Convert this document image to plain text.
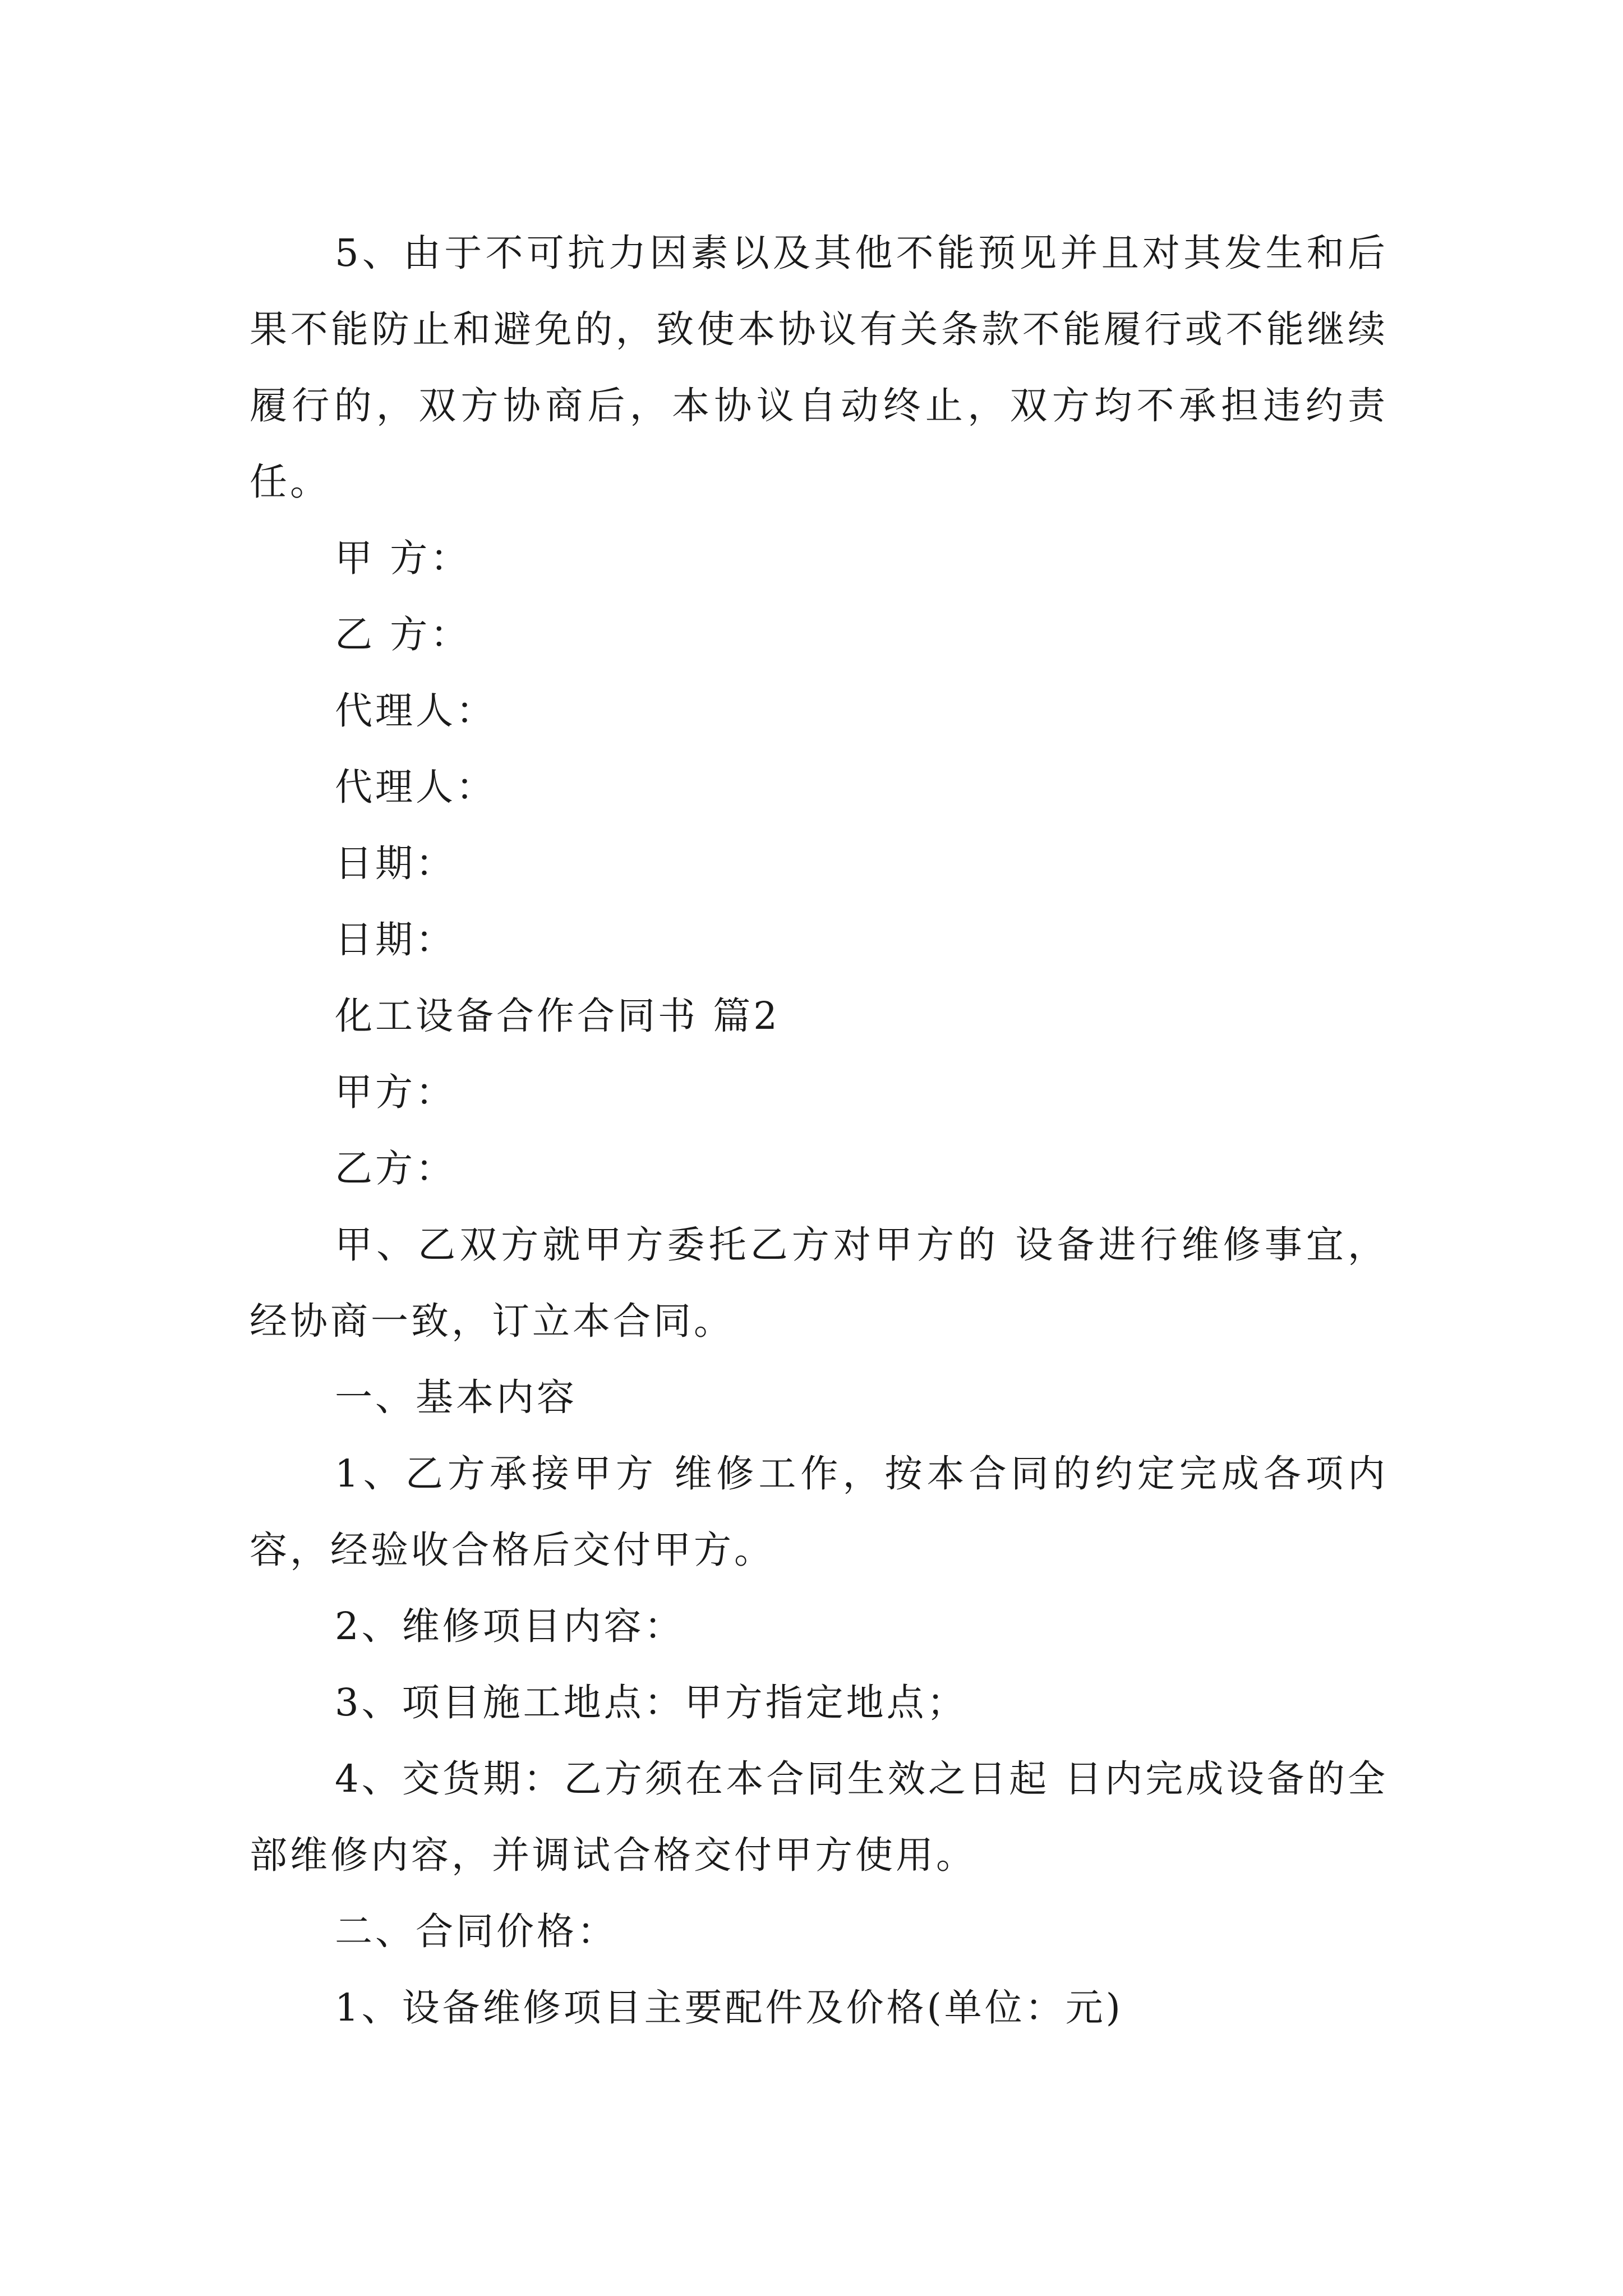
5、由于不可抗力因素以及其他不能预见并且对其发生和后果不能防止和避免的，致使本协议有关条款不能履行或不能继续履行的，双方协商后，本协议自动终止，双方均不承担违约责任。

甲 方：

乙 方：

代理人：

代理人：

日期：

日期：

化工设备合作合同书 篇2

甲方：

乙方：

甲、乙双方就甲方委托乙方对甲方的 设备进行维修事宜，经协商一致，订立本合同。

一、基本内容

1、乙方承接甲方 维修工作，按本合同的约定完成各项内容，经验收合格后交付甲方。

2、维修项目内容：

3、项目施工地点：甲方指定地点；

4、交货期：乙方须在本合同生效之日起 日内完成设备的全部维修内容，并调试合格交付甲方使用。

二、合同价格：

1、设备维修项目主要配件及价格(单位：元)
